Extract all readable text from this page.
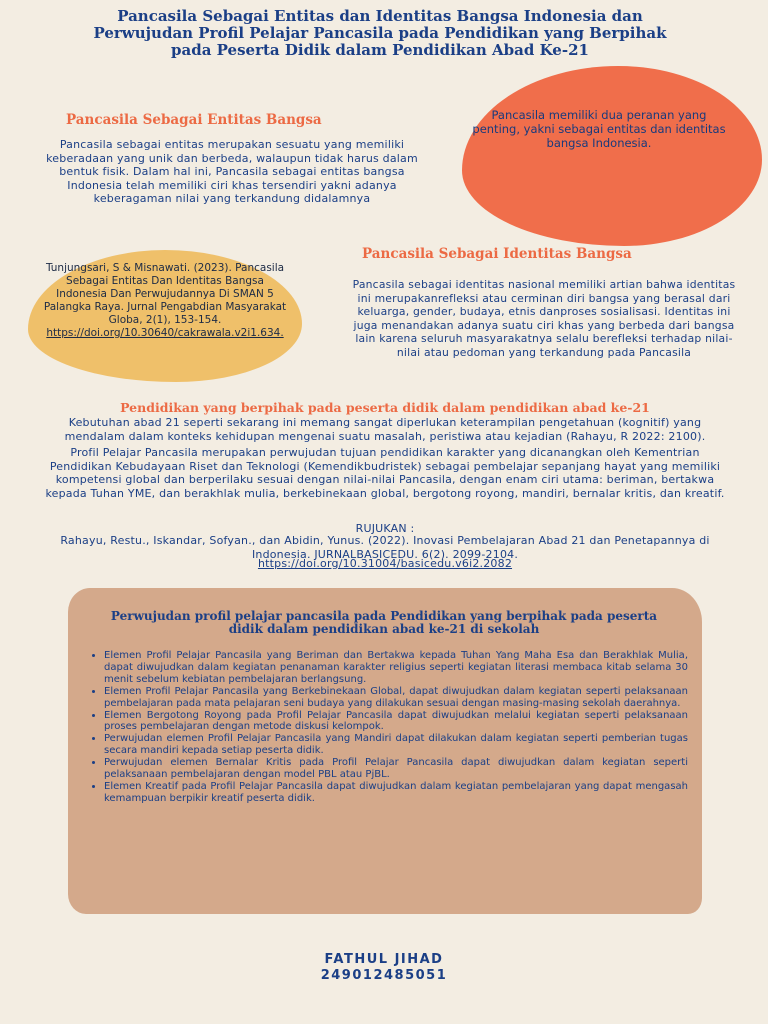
Pancasila Sebagai Entitas dan Identitas Bangsa Indonesia dan Perwujudan Profil Pelajar Pancasila pada Pendidikan yang Berpihak pada Peserta Didik dalam Pendidikan Abad Ke-21
Pancasila memiliki dua peranan yang penting, yakni sebagai entitas dan identitas bangsa Indonesia.
Pancasila Sebagai Entitas Bangsa
Pancasila sebagai entitas merupakan sesuatu yang memiliki keberadaan yang unik dan berbeda, walaupun tidak harus dalam bentuk fisik. Dalam hal ini, Pancasila sebagai entitas bangsa Indonesia telah memiliki ciri khas tersendiri yakni adanya keberagaman nilai yang terkandung didalamnya
Tunjungsari, S & Misnawati. (2023). Pancasila Sebagai Entitas Dan Identitas Bangsa Indonesia Dan Perwujudannya Di SMAN 5 Palangka Raya. Jurnal Pengabdian Masyarakat Globa, 2(1), 153-154. https://doi.org/10.30640/cakrawala.v2i1.634.
Pancasila Sebagai Identitas Bangsa
Pancasila sebagai identitas nasional memiliki artian bahwa identitas ini merupakanrefleksi atau cerminan diri bangsa yang berasal dari keluarga, gender, budaya, etnis danproses sosialisasi. Identitas ini juga menandakan adanya suatu ciri khas yang berbeda dari bangsa lain karena seluruh masyarakatnya selalu berefleksi terhadap nilai-nilai atau pedoman yang terkandung pada Pancasila
Pendidikan yang berpihak pada peserta didik dalam pendidikan abad ke-21
Kebutuhan abad 21 seperti sekarang ini memang sangat diperlukan keterampilan pengetahuan (kognitif) yang mendalam dalam konteks kehidupan mengenai suatu masalah, peristiwa atau kejadian (Rahayu, R 2022: 2100).
Profil Pelajar Pancasila merupakan perwujudan tujuan pendidikan karakter yang dicanangkan oleh Kementrian Pendidikan Kebudayaan Riset dan Teknologi (Kemendikbudristek) sebagai pembelajar sepanjang hayat yang memiliki kompetensi global dan berperilaku sesuai dengan nilai-nilai Pancasila, dengan enam ciri utama: beriman, bertakwa kepada Tuhan YME, dan berakhlak mulia, berkebinekaan global, bergotong royong, mandiri, bernalar kritis, dan kreatif.
RUJUKAN :
Rahayu, Restu., Iskandar, Sofyan., dan Abidin, Yunus. (2022). Inovasi Pembelajaran Abad 21 dan Penetapannya di Indonesia. JURNALBASICEDU. 6(2). 2099-2104.
https://doi.org/10.31004/basicedu.v6i2.2082
Perwujudan profil pelajar pancasila pada Pendidikan yang berpihak pada peserta
didik dalam pendidikan abad ke-21 di sekolah
• Elemen Profil Pelajar Pancasila yang Beriman dan Bertakwa kepada Tuhan Yang Maha Esa dan Berakhlak Mulia, dapat diwujudkan dalam kegiatan penanaman karakter religius seperti kegiatan literasi membaca kitab selama 30 menit sebelum kebiatan pembelajaran berlangsung.
• Elemen Profil Pelajar Pancasila yang Berkebinekaan Global, dapat diwujudkan dalam kegiatan seperti pelaksanaan pembelajaran pada mata pelajaran seni budaya yang dilakukan sesuai dengan masing-masing sekolah daerahnya.
• Elemen Bergotong Royong pada Profil Pelajar Pancasila dapat diwujudkan melalui kegiatan seperti pelaksanaan proses pembelajaran dengan metode diskusi kelompok.
• Perwujudan elemen Profil Pelajar Pancasila yang Mandiri dapat dilakukan dalam kegiatan seperti pemberian tugas secara mandiri kepada setiap peserta didik.
• Perwujudan elemen Bernalar Kritis pada Profil Pelajar Pancasila dapat diwujudkan dalam kegiatan seperti pelaksanaan pembelajaran dengan model PBL atau PjBL.
• Elemen Kreatif pada Profil Pelajar Pancasila dapat diwujudkan dalam kegiatan pembelajaran yang dapat mengasah kemampuan berpikir kreatif peserta didik.
FATHUL JIHAD
249012485051
